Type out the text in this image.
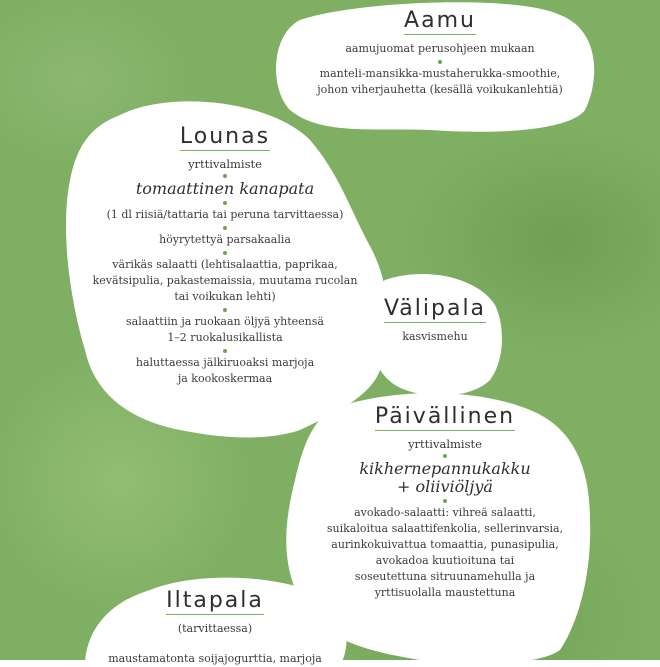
Aamu
aamujuomat perusohjeen mukaan
manteli-mansikka-mustaherukka-smoothie,
johon viherjauhetta (kesällä voikukanlehtiä)
Lounas
yrttivalmiste
tomaattinen kanapata
(1 dl riisiä/tattaria tai peruna tarvittaessa)
höyrytettyä parsakaalia
värikäs salaatti (lehtisalaattia, paprikaa,
kevätsipulia, pakastemaissia, muutama rucolan
tai voikukan lehti)
salaattiin ja ruokaan öljyä yhteensä
1–2 ruokalusikallista
haluttaessa jälkiruoaksi marjoja
ja kookoskermaa
Välipala
kasvismehu
Päivällinen
yrttivalmiste
kikhernepannukakku
+ oliiviöljyä
avokado-salaatti: vihreä salaatti,
suikaloitua salaattifenkolia, sellerinvarsia,
aurinkokuivattua tomaattia, punasipulia,
avokadoa kuutioituna tai
soseutettuna sitruunamehulla ja
yrttisuolalla maustettuna
Iltapala
(tarvittaessa)
maustamatonta soijajogurttia, marjoja
